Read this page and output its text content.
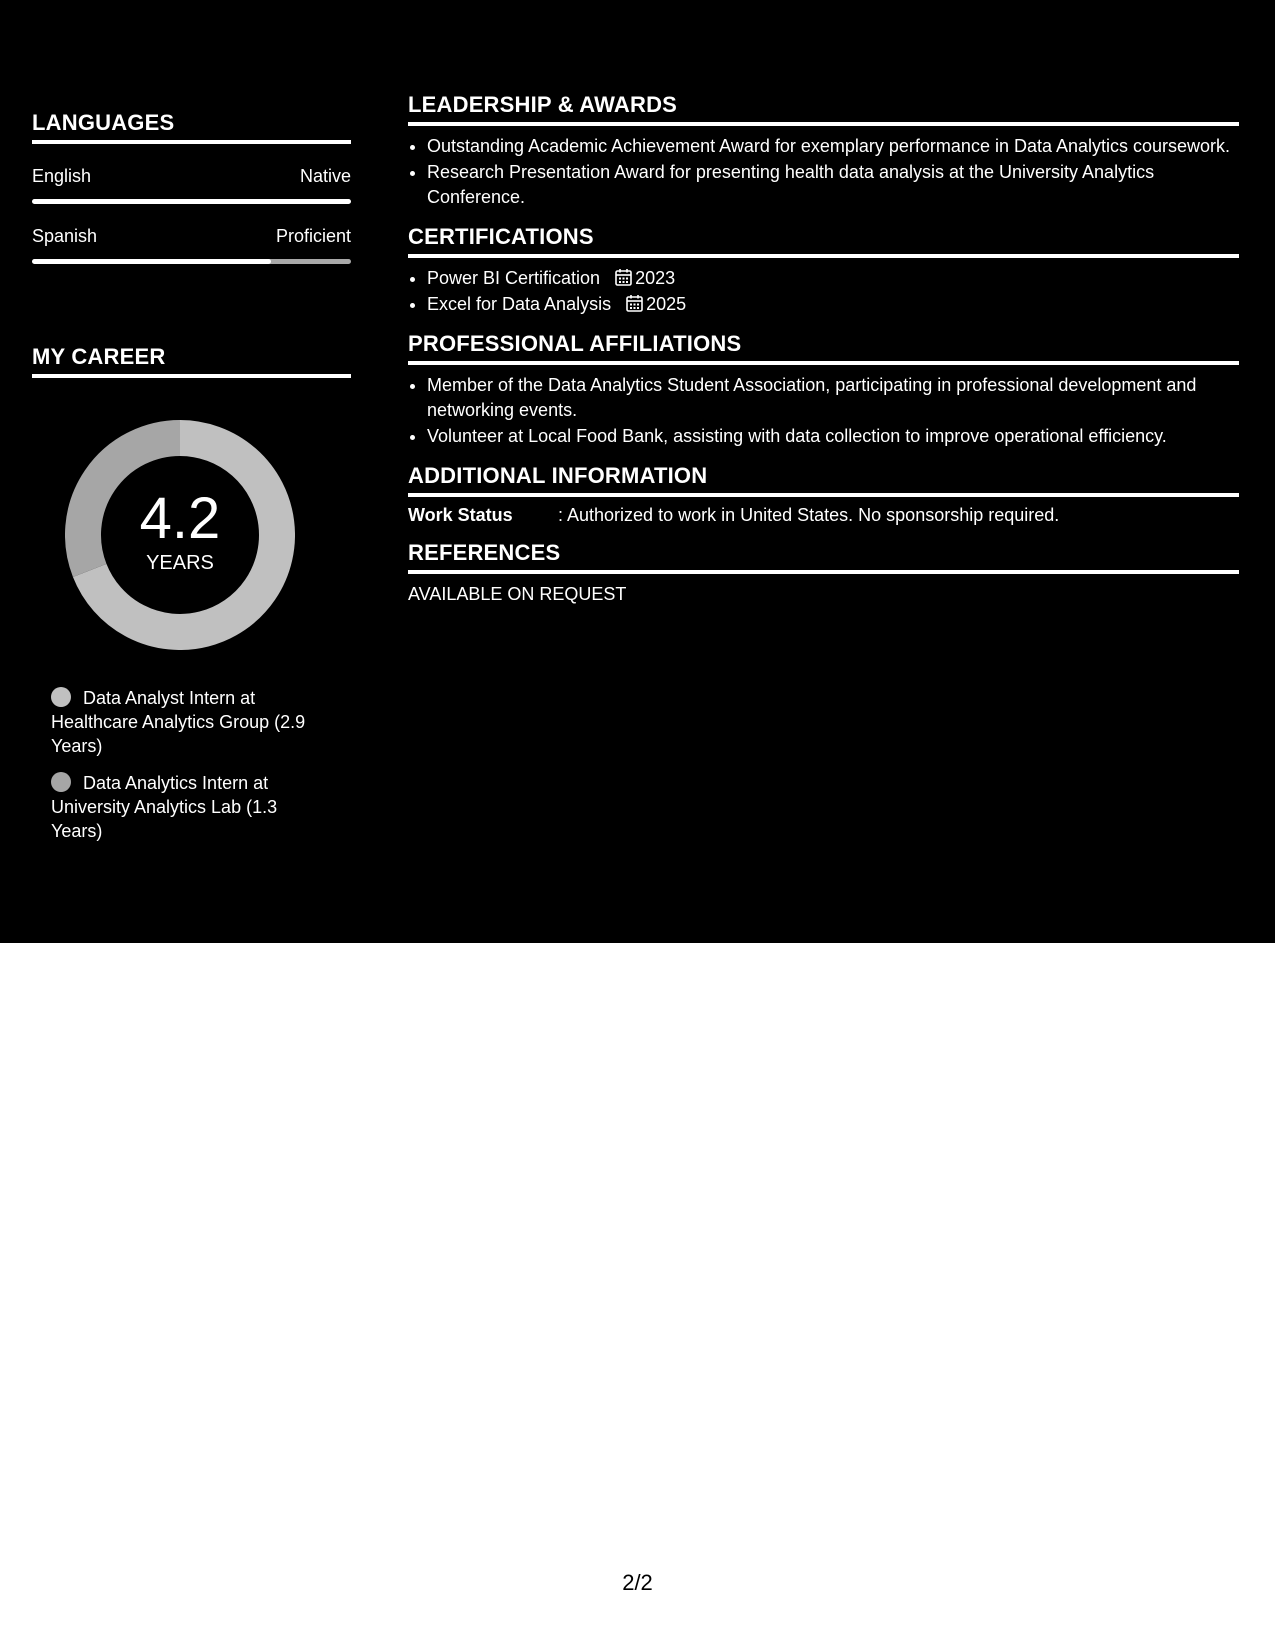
LANGUAGES
English	Native
Spanish	Proficient
MY CAREER
4.2
YEARS
Data Analyst Intern at Healthcare Analytics Group (2.9 Years)
Data Analytics Intern at University Analytics Lab (1.3 Years)
LEADERSHIP & AWARDS
• Outstanding Academic Achievement Award for exemplary performance in Data Analytics coursework.
• Research Presentation Award for presenting health data analysis at the University Analytics Conference.
CERTIFICATIONS
• Power BI Certification 2023
• Excel for Data Analysis 2025
PROFESSIONAL AFFILIATIONS
• Member of the Data Analytics Student Association, participating in professional development and networking events.
• Volunteer at Local Food Bank, assisting with data collection to improve operational efficiency.
ADDITIONAL INFORMATION
Work Status	: Authorized to work in United States. No sponsorship required.
REFERENCES
AVAILABLE ON REQUEST
2/2
